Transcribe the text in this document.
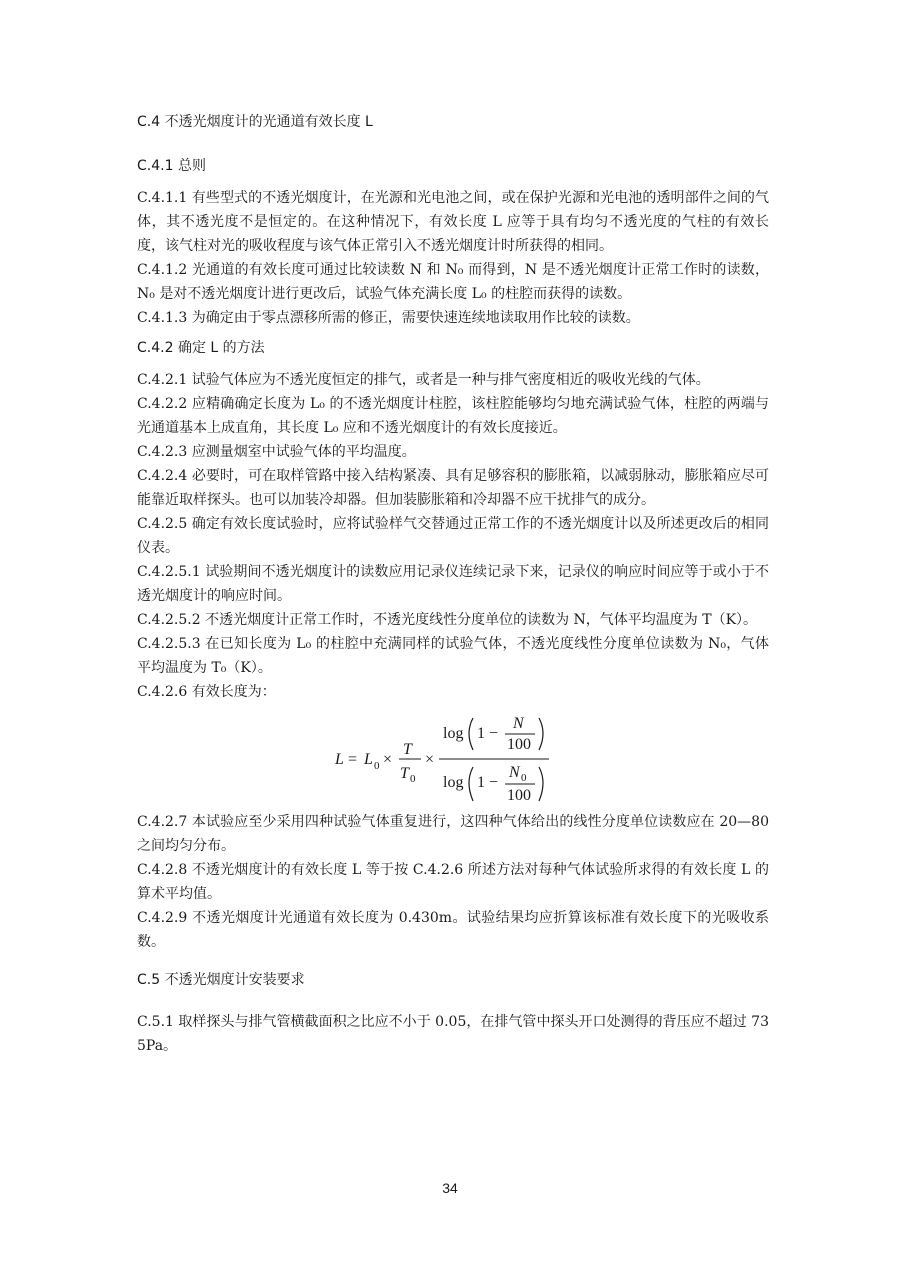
C.4 不透光烟度计的光通道有效长度 L

C.4.1 总则

C.4.1.1 有些型式的不透光烟度计，在光源和光电池之间，或在保护光源和光电池的透明部件之间的气体，其不透光度不是恒定的。在这种情况下，有效长度 L 应等于具有均匀不透光度的气柱的有效长度，该气柱对光的吸收程度与该气体正常引入不透光烟度计时所获得的相同。

C.4.1.2 光通道的有效长度可通过比较读数 N 和 N₀ 而得到，N 是不透光烟度计正常工作时的读数，N₀ 是对不透光烟度计进行更改后，试验气体充满长度 L₀ 的柱腔而获得的读数。

C.4.1.3 为确定由于零点漂移所需的修正，需要快速连续地读取用作比较的读数。

C.4.2 确定 L 的方法

C.4.2.1 试验气体应为不透光度恒定的排气，或者是一种与排气密度相近的吸收光线的气体。

C.4.2.2 应精确确定长度为 L₀ 的不透光烟度计柱腔，该柱腔能够均匀地充满试验气体，柱腔的两端与光通道基本上成直角，其长度 L₀ 应和不透光烟度计的有效长度接近。

C.4.2.3 应测量烟室中试验气体的平均温度。

C.4.2.4 必要时，可在取样管路中接入结构紧凑、具有足够容积的膨胀箱，以减弱脉动，膨胀箱应尽可能靠近取样探头。也可以加装冷却器。但加装膨胀箱和冷却器不应干扰排气的成分。

C.4.2.5 确定有效长度试验时，应将试验样气交替通过正常工作的不透光烟度计以及所述更改后的相同仪表。

C.4.2.5.1 试验期间不透光烟度计的读数应用记录仪连续记录下来，记录仪的响应时间应等于或小于不透光烟度计的响应时间。

C.4.2.5.2 不透光烟度计正常工作时，不透光度线性分度单位的读数为 N，气体平均温度为 T（K）。

C.4.2.5.3 在已知长度为 L₀ 的柱腔中充满同样的试验气体，不透光度线性分度单位读数为 N₀，气体平均温度为 T₀（K）。

C.4.2.6 有效长度为：

L = L 0 ×
T
T 0
×
log 1 −
N
100
log 1 −
N 0
100

C.4.2.7 本试验应至少采用四种试验气体重复进行，这四种气体给出的线性分度单位读数应在 20—80 之间均匀分布。

C.4.2.8 不透光烟度计的有效长度 L 等于按 C.4.2.6 所述方法对每种气体试验所求得的有效长度 L 的算术平均值。

C.4.2.9 不透光烟度计光通道有效长度为 0.430m。试验结果均应折算该标准有效长度下的光吸收系数。

C.5 不透光烟度计安装要求

C.5.1 取样探头与排气管横截面积之比应不小于 0.05，在排气管中探头开口处测得的背压应不超过 735Pa。

34
